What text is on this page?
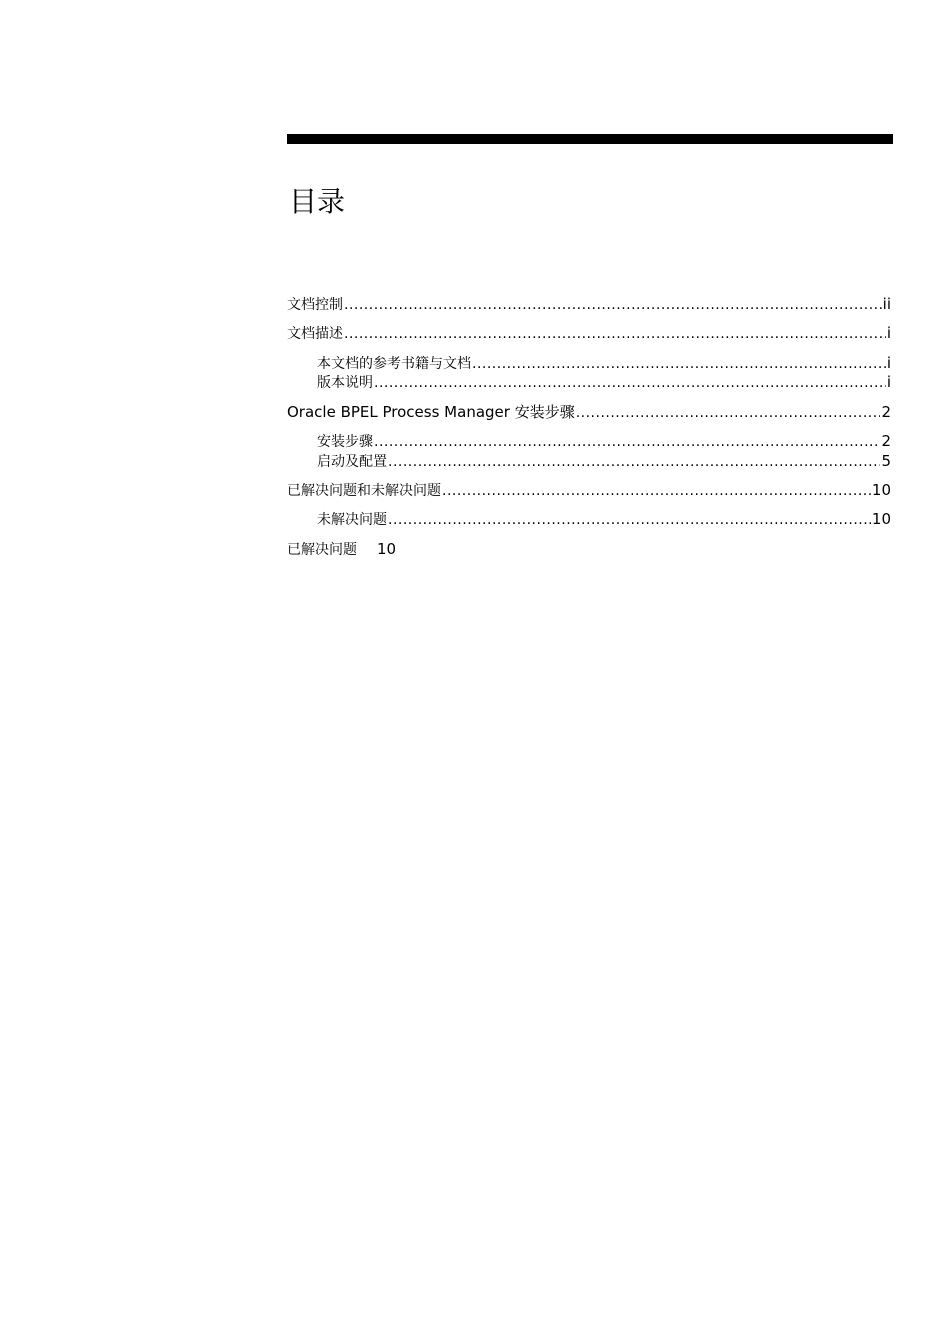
目录
文档控制 .....	ii
文档描述 .....	i
本文档的参考书籍与文档 .....	i
版本说明 .....	i
Oracle BPEL Process Manager 安装步骤 .....	2
安装步骤 .....	2
启动及配置 .....	5
已解决问题和未解决问题 .....	10
未解决问题 .....	10
已解决问题 10
